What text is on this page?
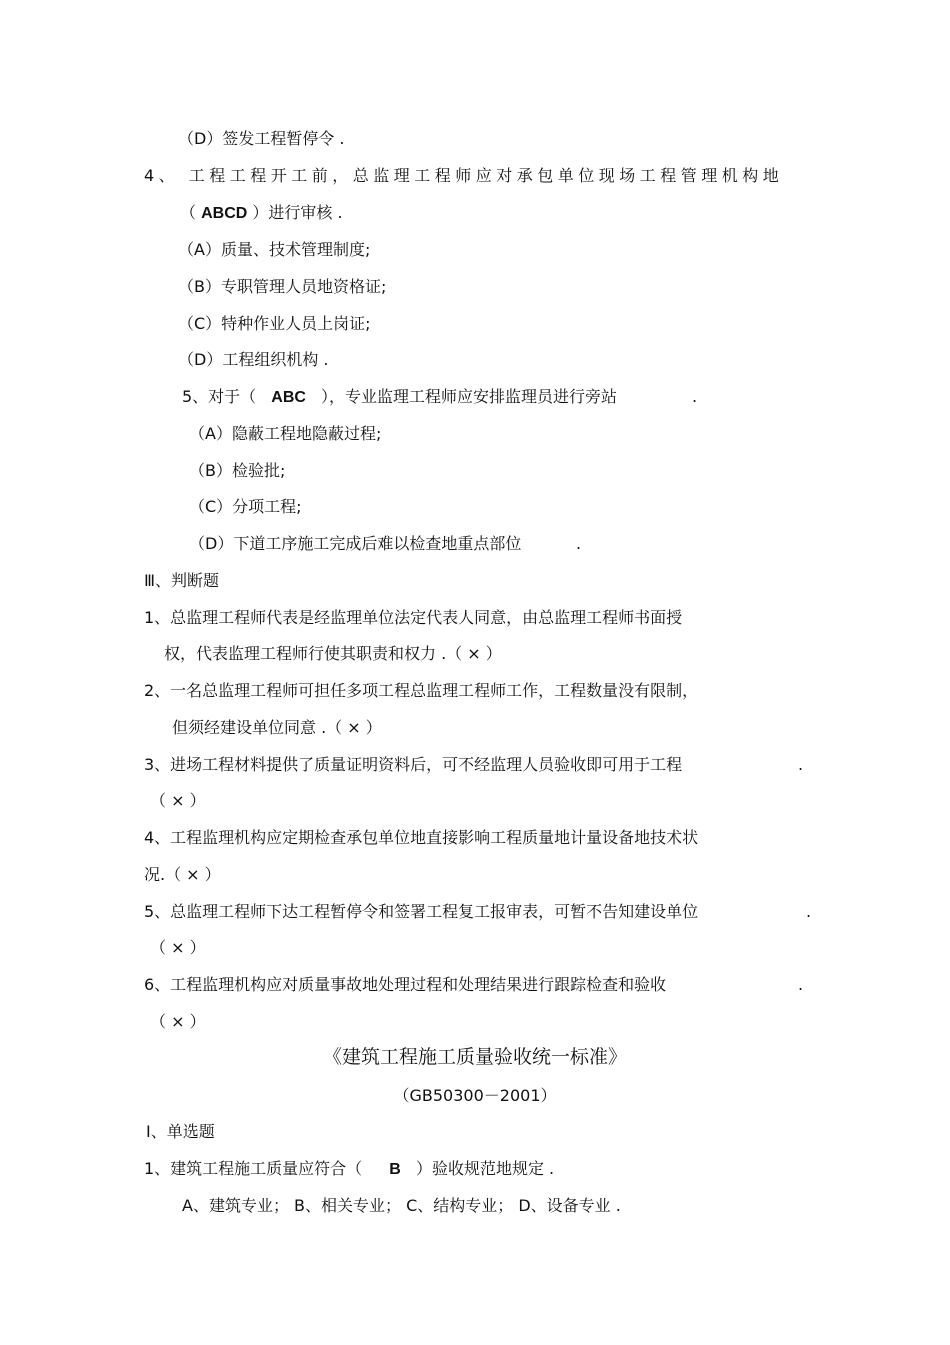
（D）签发工程暂停令 .
4、 工程工程开工前，总监理工程师应对承包单位现场工程管理机构地
（ ABCD ）进行审核 .
（A）质量、技术管理制度;
（B）专职管理人员地资格证;
（C）特种作业人员上岗证;
（D）工程组织机构 .
5、对于（ ABC ），专业监理工程师应安排监理员进行旁站	.
（A）隐蔽工程地隐蔽过程;
（B）检验批;
（C）分项工程;
（D）下道工序施工完成后难以检查地重点部位	.
Ⅲ、判断题
1、总监理工程师代表是经监理单位法定代表人同意，由总监理工程师书面授
权，代表监理工程师行使其职责和权力 .（ × ）
2、一名总监理工程师可担任多项工程总监理工程师工作，工程数量没有限制，
但须经建设单位同意 .（ × ）
3、进场工程材料提供了质量证明资料后，可不经监理人员验收即可用于工程	.
（ × ）
4、工程监理机构应定期检查承包单位地直接影响工程质量地计量设备地技术状
况.（ × ）
5、总监理工程师下达工程暂停令和签署工程复工报审表，可暂不告知建设单位	.
（ × ）
6、工程监理机构应对质量事故地处理过程和处理结果进行跟踪检查和验收	.
（ × ）
《建筑工程施工质量验收统一标准》
（GB50300－2001）
Ⅰ、单选题
1、建筑工程施工质量应符合（ B ）验收规范地规定 .
A、建筑专业； B、相关专业； C、结构专业； D、设备专业 .
